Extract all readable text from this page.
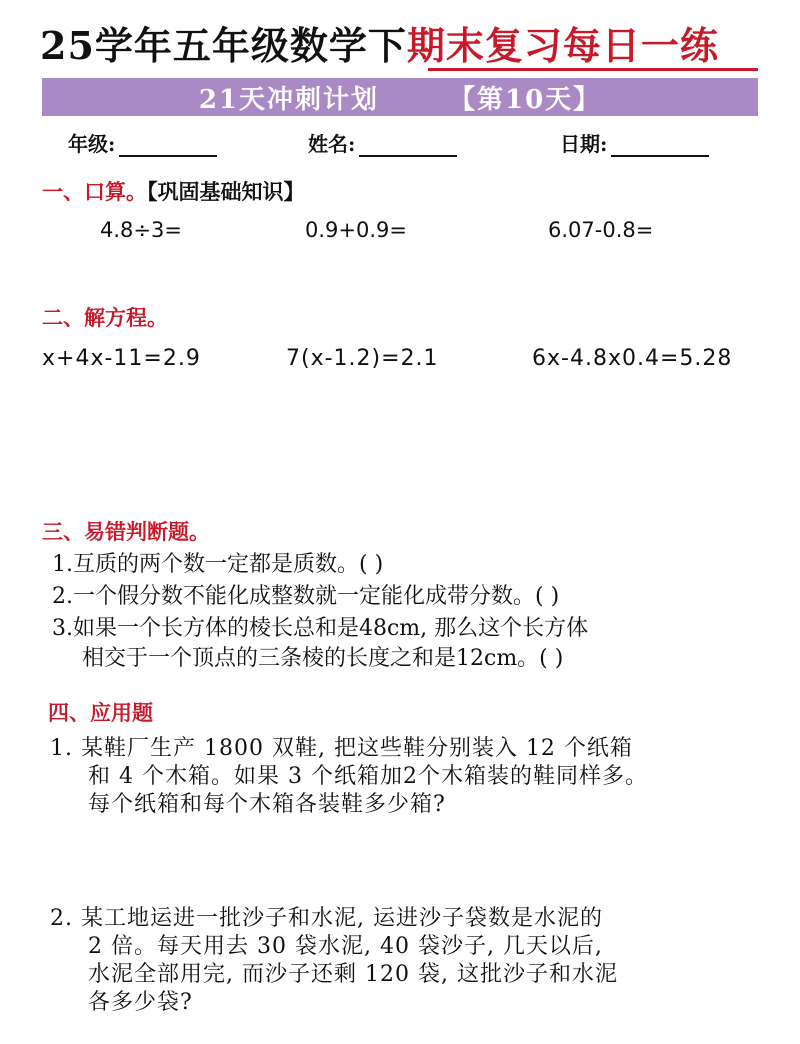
25学年五年级数学下 期末复习每日一练
21天冲刺计划	【第10天】
年级:	姓名:	日期:
一、口算。【巩固基础知识】
4.8÷3=	0.9+0.9=	6.07-0.8=
二、解方程。
x+4x-11=2.9	7(x-1.2)=2.1	6x-4.8x0.4=5.28
三、易错判断题。
1.互质的两个数一定都是质数。( )
2.一个假分数不能化成整数就一定能化成带分数。( )
3.如果一个长方体的棱长总和是48cm, 那么这个长方体
相交于一个顶点的三条棱的长度之和是12cm。( )
四、应用题
1. 某鞋厂生产 1800 双鞋, 把这些鞋分别装入 12 个纸箱
和 4 个木箱。如果 3 个纸箱加2个木箱装的鞋同样多。
每个纸箱和每个木箱各装鞋多少箱?
2. 某工地运进一批沙子和水泥, 运进沙子袋数是水泥的
2 倍。每天用去 30 袋水泥, 40 袋沙子, 几天以后,
水泥全部用完, 而沙子还剩 120 袋, 这批沙子和水泥
各多少袋?
